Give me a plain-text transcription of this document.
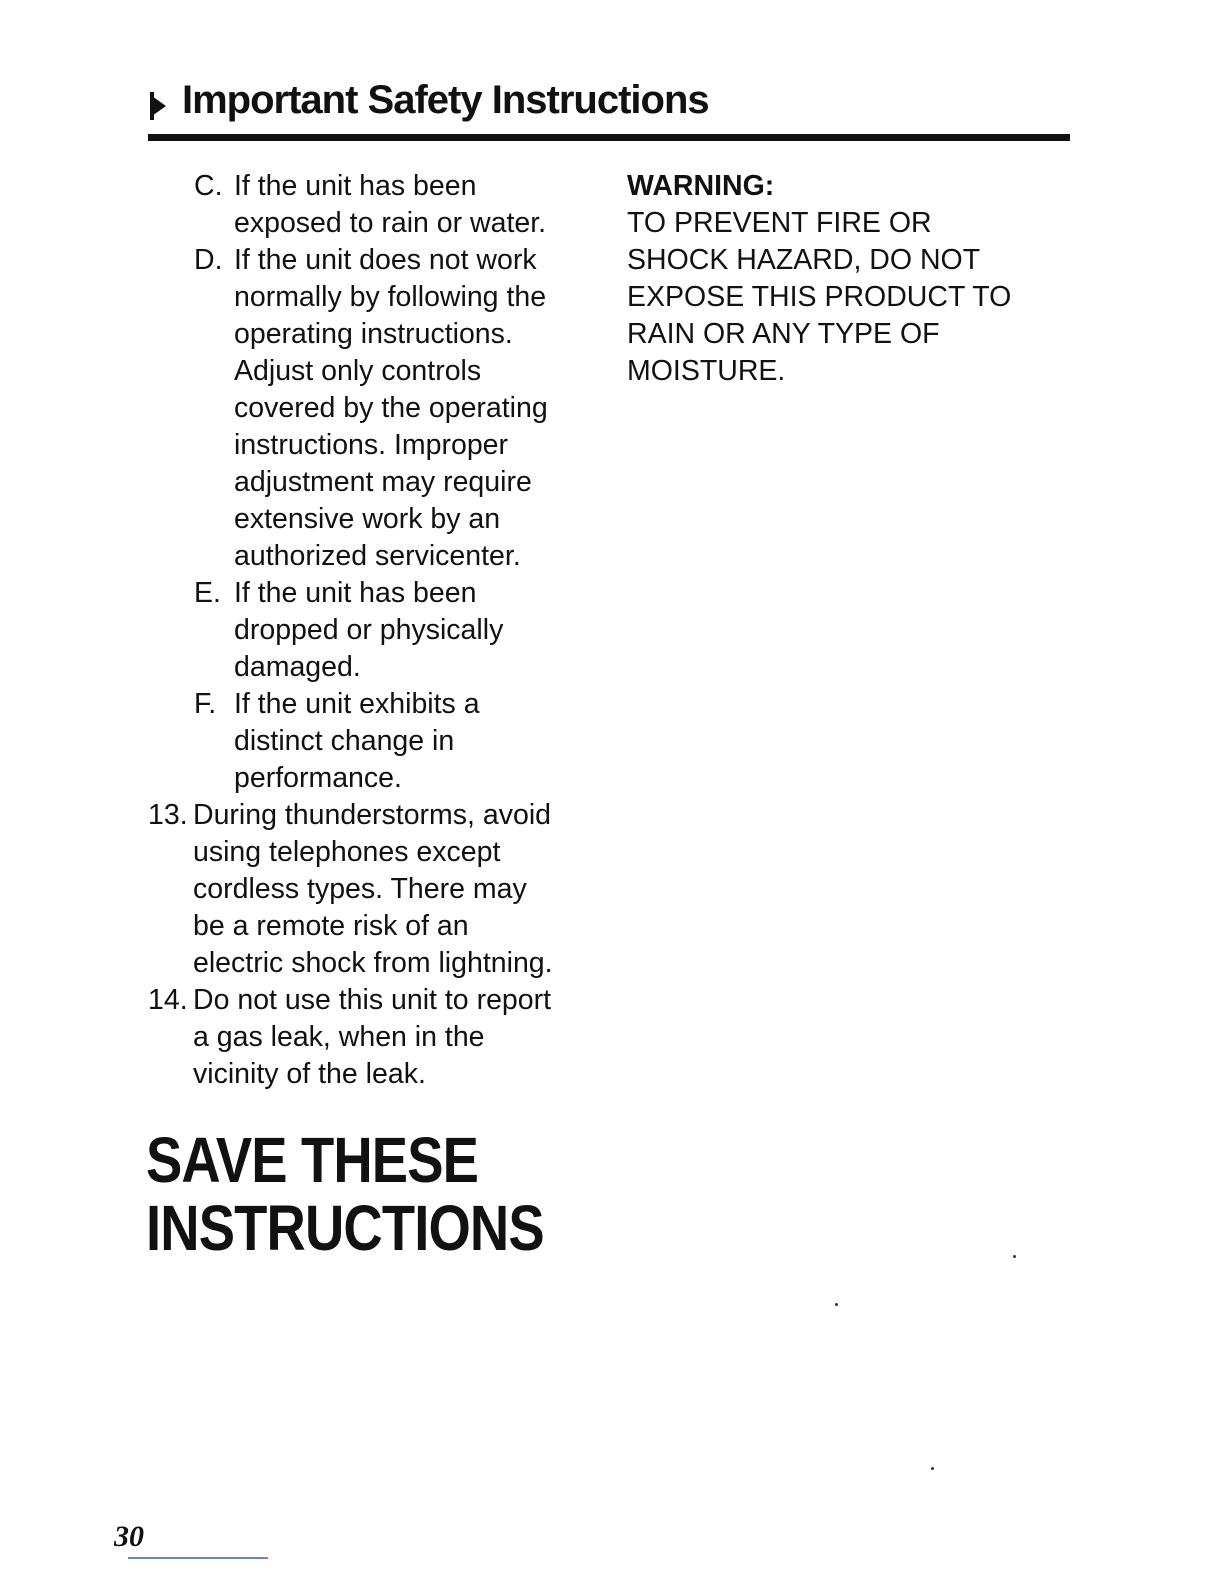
Important Safety Instructions
C. If the unit has been
exposed to rain or water.
D. If the unit does not work
normally by following the
operating instructions.
Adjust only controls
covered by the operating
instructions. Improper
adjustment may require
extensive work by an
authorized servicenter.
E. If the unit has been
dropped or physically
damaged.
F. If the unit exhibits a
distinct change in
performance.
13. During thunderstorms, avoid
using telephones except
cordless types. There may
be a remote risk of an
electric shock from lightning.
14. Do not use this unit to report
a gas leak, when in the
vicinity of the leak.
WARNING:
TO PREVENT FIRE OR
SHOCK HAZARD, DO NOT
EXPOSE THIS PRODUCT TO
RAIN OR ANY TYPE OF
MOISTURE.
SAVE THESE
INSTRUCTIONS
30
